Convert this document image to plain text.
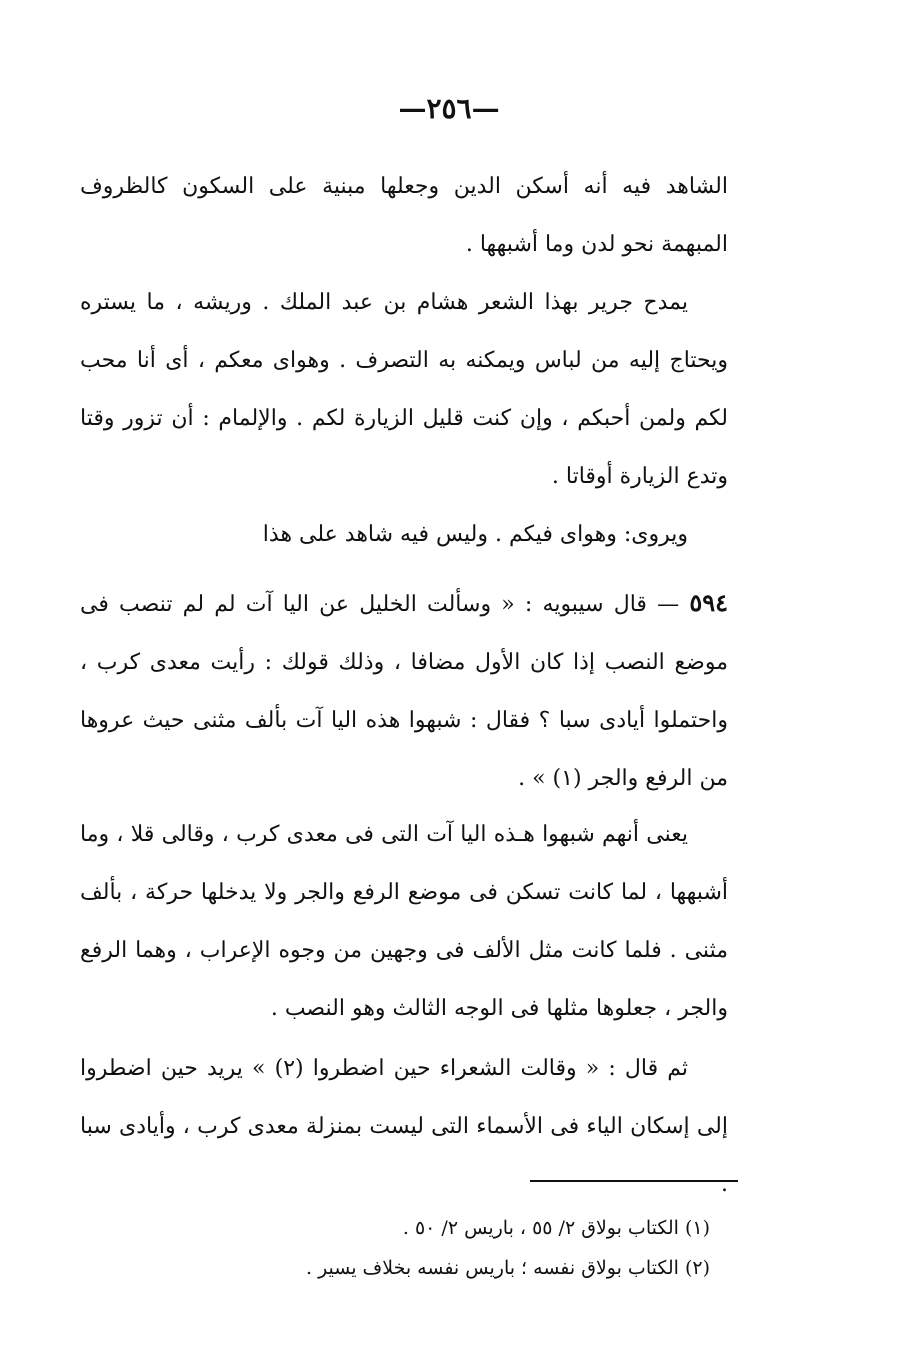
—٢٥٦—
الشاهد فيه أنه أسكن الدين وجعلها مبنية على السكون كالظروف المبهمة نحو لدن وما أشبهها .
يمدح جرير بهذا الشعر هشام بن عبد الملك . وريشه ، ما يستره ويحتاج إليه من لباس ويمكنه به التصرف . وهواى معكم ، أى أنا محب لكم ولمن أحبكم ، وإن كنت قليل الزيارة لكم . والإلمام : أن تزور وقتا وتدع الزيارة أوقاتا .
ويروى: وهواى فيكم . وليس فيه شاهد على هذا
٥٩٤ — قال سيبويه : « وسألت الخليل عن اليا آت لم لم تنصب فى موضع النصب إذا كان الأول مضافا ، وذلك قولك : رأيت معدى كرب ، واحتملوا أيادى سبا ؟ فقال : شبهوا هذه اليا آت بألف مثنى حيث عروها من الرفع والجر (١) » .
يعنى أنهم شبهوا هـذه اليا آت التى فى معدى كرب ، وقالى قلا ، وما أشبهها ، لما كانت تسكن فى موضع الرفع والجر ولا يدخلها حركة ، بألف مثنى . فلما كانت مثل الألف فى وجهين من وجوه الإعراب ، وهما الرفع والجر ، جعلوها مثلها فى الوجه الثالث وهو النصب .
ثم قال : « وقالت الشعراء حين اضطروا (٢) » يريد حين اضطروا إلى إسكان الياء فى الأسماء التى ليست بمنزلة معدى كرب ، وأيادى سبا .
(١) الكتاب بولاق ٢/ ٥٥ ، باريس ٢/ ٥٠ .
(٢) الكتاب بولاق نفسه ؛ باريس نفسه بخلاف يسير .
